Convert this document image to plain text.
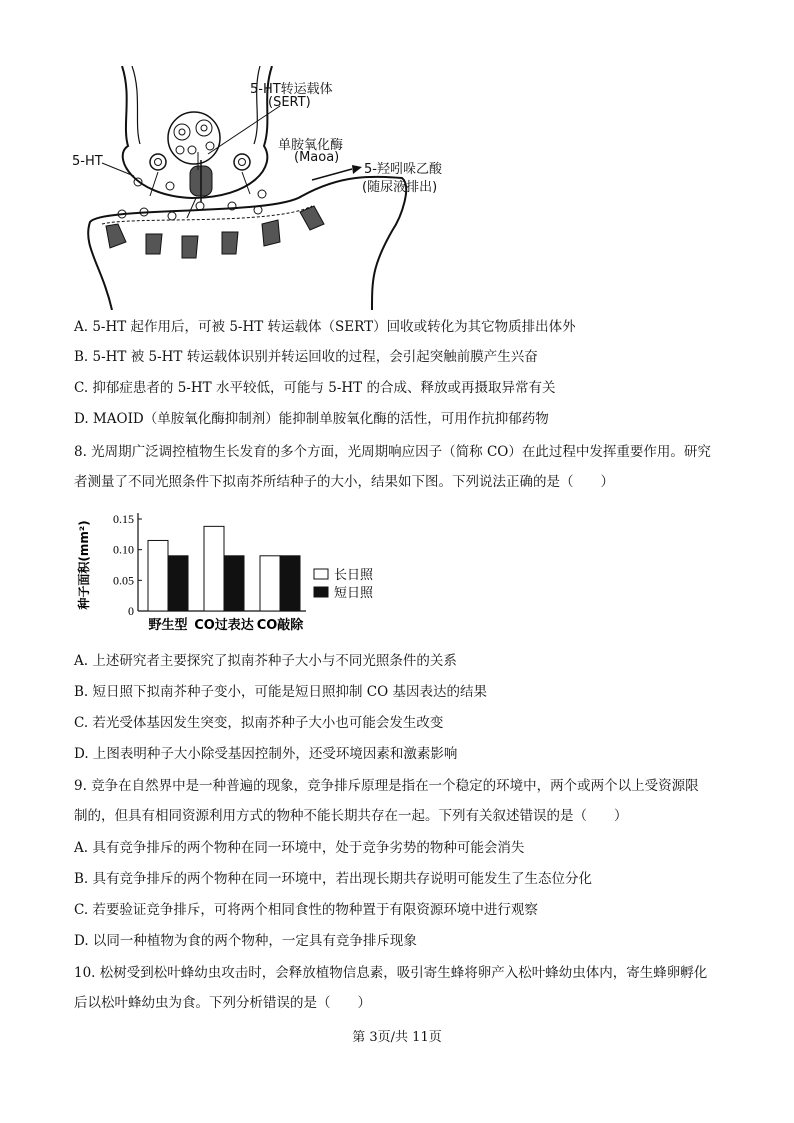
5-HT转运载体
(SERT)
单胺氧化酶
(Maoa)
5-羟吲哚乙酸
(随尿液排出)
5-HT
A. 5-HT 起作用后，可被 5-HT 转运载体（SERT）回收或转化为其它物质排出体外
B. 5-HT 被 5-HT 转运载体识别并转运回收的过程，会引起突触前膜产生兴奋
C. 抑郁症患者的 5-HT 水平较低，可能与 5-HT 的合成、释放或再摄取异常有关
D. MAOID（单胺氧化酶抑制剂）能抑制单胺氧化酶的活性，可用作抗抑郁药物
8. 光周期广泛调控植物生长发育的多个方面，光周期响应因子（简称 CO）在此过程中发挥重要作用。研究
者测量了不同光照条件下拟南芥所结种子的大小，结果如下图。下列说法正确的是（　　）
0
0.05
0.10
0.15
种子面积(mm²)
野生型 CO过表达 CO敲除
长日照
短日照
A. 上述研究者主要探究了拟南芥种子大小与不同光照条件的关系
B. 短日照下拟南芥种子变小，可能是短日照抑制 CO 基因表达的结果
C. 若光受体基因发生突变，拟南芥种子大小也可能会发生改变
D. 上图表明种子大小除受基因控制外，还受环境因素和激素影响
9. 竞争在自然界中是一种普遍的现象，竞争排斥原理是指在一个稳定的环境中，两个或两个以上受资源限
制的，但具有相同资源利用方式的物种不能长期共存在一起。下列有关叙述错误的是（　　）
A. 具有竞争排斥的两个物种在同一环境中，处于竞争劣势的物种可能会消失
B. 具有竞争排斥的两个物种在同一环境中，若出现长期共存说明可能发生了生态位分化
C. 若要验证竞争排斥，可将两个相同食性的物种置于有限资源环境中进行观察
D. 以同一种植物为食的两个物种，一定具有竞争排斥现象
10. 松树受到松叶蜂幼虫攻击时，会释放植物信息素，吸引寄生蜂将卵产入松叶蜂幼虫体内，寄生蜂卵孵化
后以松叶蜂幼虫为食。下列分析错误的是（　　）
第 3页/共 11页
